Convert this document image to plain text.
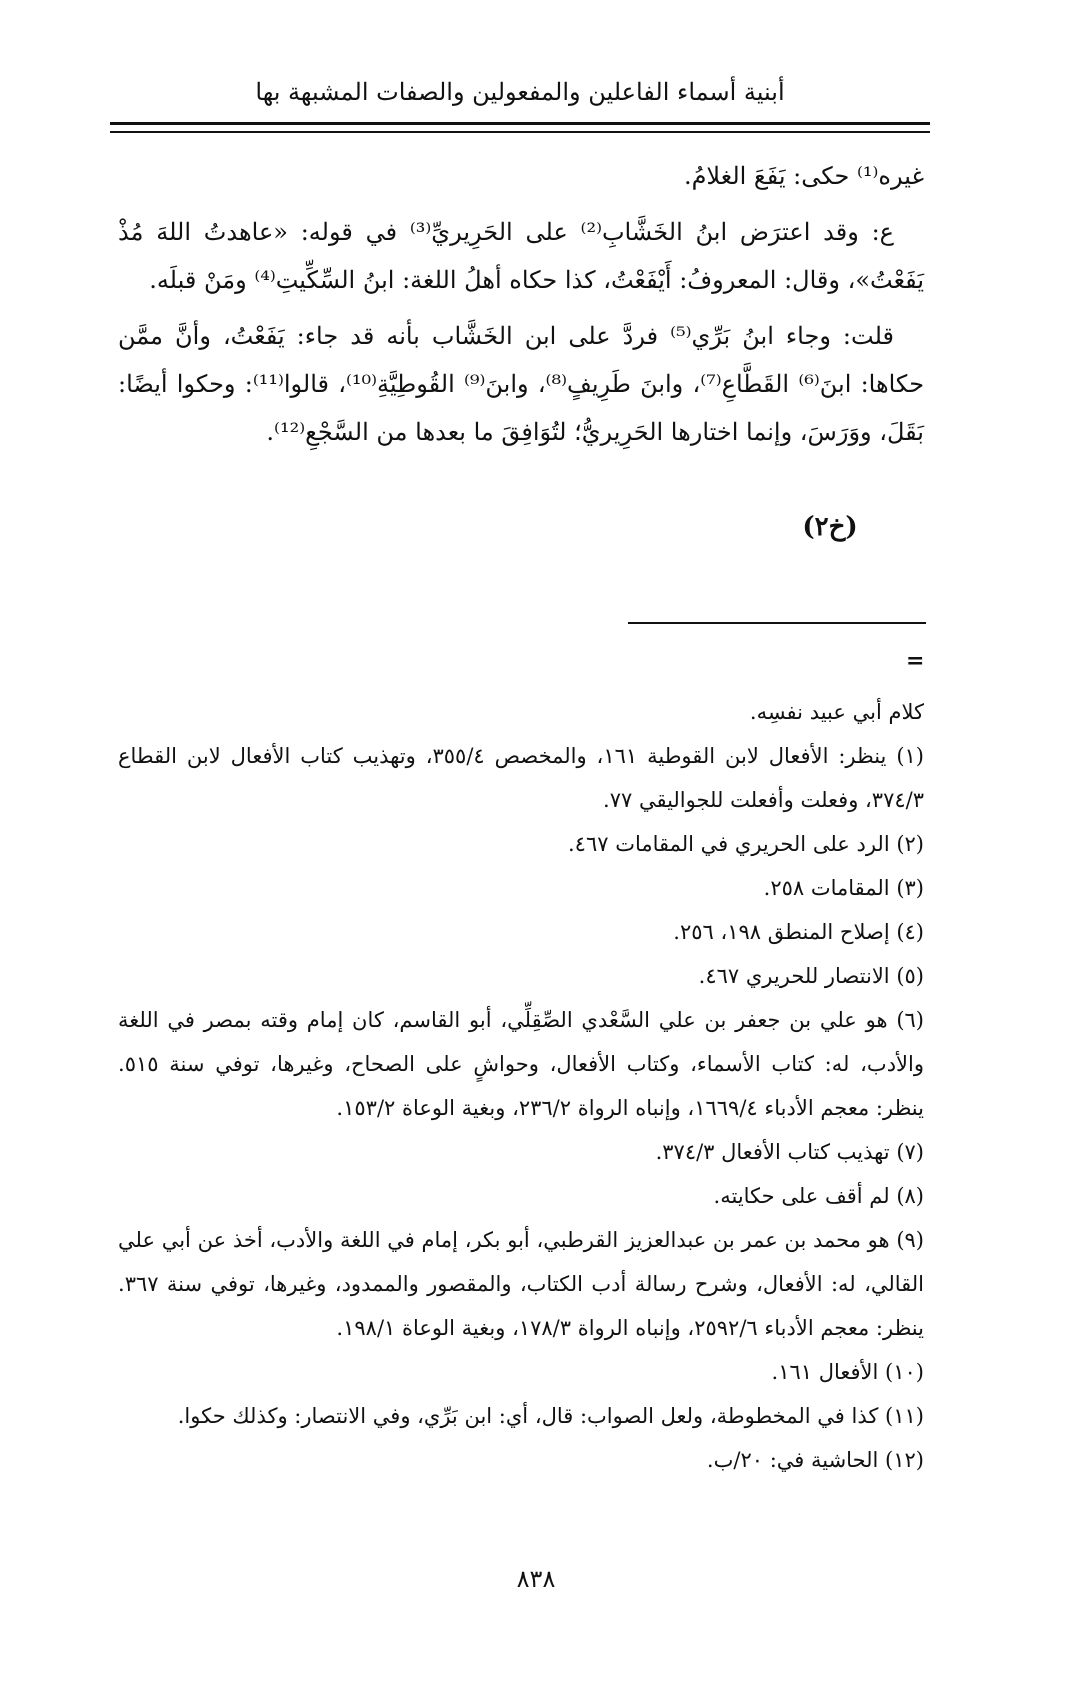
أبنية أسماء الفاعلين والمفعولين والصفات المشبهة بها

غيره⁽¹⁾ حكى: يَفَعَ الغلامُ.

ع: وقد اعترَض ابنُ الخَشَّابِ⁽²⁾ على الحَرِيريِّ⁽³⁾ في قوله: «عاهدتُ اللهَ مُذْ يَفَعْتُ»، وقال: المعروفُ: أَيْفَعْتُ، كذا حكاه أهلُ اللغة: ابنُ السِّكِّيتِ⁽⁴⁾ ومَنْ قبلَه.

قلت: وجاء ابنُ بَرِّي⁽⁵⁾ فردَّ على ابن الخَشَّاب بأنه قد جاء: يَفَعْتُ، وأنَّ ممَّن حكاها: ابنَ⁽⁶⁾ القَطَّاعِ⁽⁷⁾، وابنَ طَرِيفٍ⁽⁸⁾، وابنَ⁽⁹⁾ القُوطِيَّةِ⁽¹⁰⁾، قالوا⁽¹¹⁾: وحكوا أيضًا: بَقَلَ، ووَرَسَ، وإنما اختارها الحَرِيريُّ؛ لتُوَافِقَ ما بعدها من السَّجْعِ⁽¹²⁾.

(خ٢)
=

كلام أبي عبيد نفسِه.

(١) ينظر: الأفعال لابن القوطية ١٦١، والمخصص ٣٥٥/٤، وتهذيب كتاب الأفعال لابن القطاع ٣٧٤/٣، وفعلت وأفعلت للجواليقي ٧٧.

(٢) الرد على الحريري في المقامات ٤٦٧.

(٣) المقامات ٢٥٨.

(٤) إصلاح المنطق ١٩٨، ٢٥٦.

(٥) الانتصار للحريري ٤٦٧.

(٦) هو علي بن جعفر بن علي السَّعْدي الصِّقِلِّي، أبو القاسم، كان إمام وقته بمصر في اللغة والأدب، له: كتاب الأسماء، وكتاب الأفعال، وحواشٍ على الصحاح، وغيرها، توفي سنة ٥١٥. ينظر: معجم الأدباء ١٦٦٩/٤، وإنباه الرواة ٢٣٦/٢، وبغية الوعاة ١٥٣/٢.

(٧) تهذيب كتاب الأفعال ٣٧٤/٣.

(٨) لم أقف على حكايته.

(٩) هو محمد بن عمر بن عبدالعزيز القرطبي، أبو بكر، إمام في اللغة والأدب، أخذ عن أبي علي القالي، له: الأفعال، وشرح رسالة أدب الكتاب، والمقصور والممدود، وغيرها، توفي سنة ٣٦٧. ينظر: معجم الأدباء ٢٥٩٢/٦، وإنباه الرواة ١٧٨/٣، وبغية الوعاة ١٩٨/١.

(١٠) الأفعال ١٦١.

(١١) كذا في المخطوطة، ولعل الصواب: قال، أي: ابن بَرِّي، وفي الانتصار: وكذلك حكوا.

(١٢) الحاشية في: ٢٠/ب.

٨٣٨
